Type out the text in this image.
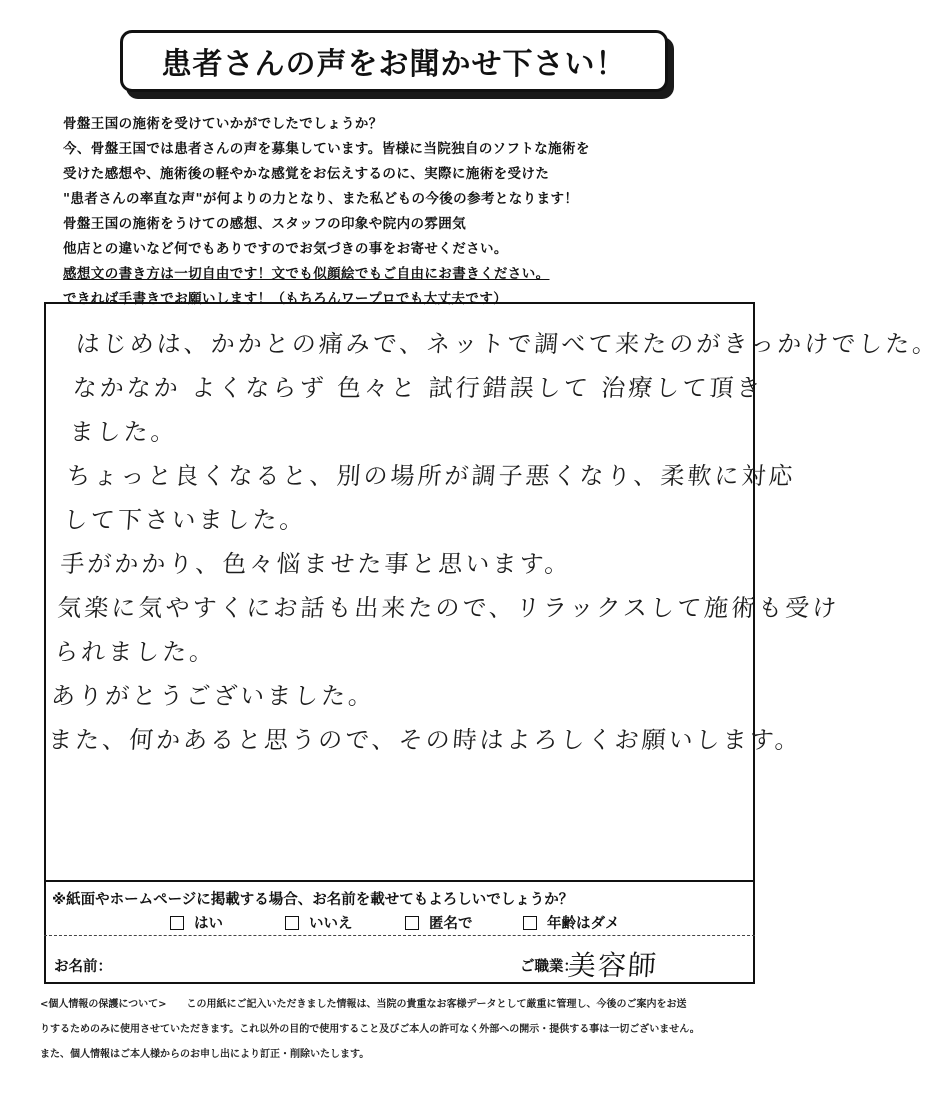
患者さんの声をお聞かせ下さい！
骨盤王国の施術を受けていかがでしたでしょうか？
今、骨盤王国では患者さんの声を募集しています。皆様に当院独自のソフトな施術を
受けた感想や、施術後の軽やかな感覚をお伝えするのに、実際に施術を受けた
"患者さんの率直な声"が何よりの力となり、また私どもの今後の参考となります！
骨盤王国の施術をうけての感想、スタッフの印象や院内の雰囲気
他店との違いなど何でもありですのでお気づきの事をお寄せください。
感想文の書き方は一切自由です！文でも似顔絵でもご自由にお書きください。
できれば手書きでお願いします！（もちろんワープロでも大丈夫です）
はじめは、かかとの痛みで、ネットで調べて来たのがきっかけでした。
なかなか よくならず 色々と 試行錯誤して 治療して頂き
ました。
ちょっと良くなると、別の場所が調子悪くなり、柔軟に対応
して下さいました。
手がかかり、色々悩ませた事と思います。
気楽に気やすくにお話も出来たので、リラックスして施術も受け
られました。
ありがとうございました。
また、何かあると思うので、その時はよろしくお願いします。
※紙面やホームページに掲載する場合、お名前を載せてもよろしいでしょうか？
はい	いいえ	匿名で	年齢はダメ
お名前：	ご職業：
美容師
<個人情報の保護について>　　この用紙にご記入いただきました情報は、当院の貴重なお客様データとして厳重に管理し、今後のご案内をお送
りするためのみに使用させていただきます。これ以外の目的で使用すること及びご本人の許可なく外部への開示・提供する事は一切ございません。
また、個人情報はご本人様からのお申し出により訂正・削除いたします。
